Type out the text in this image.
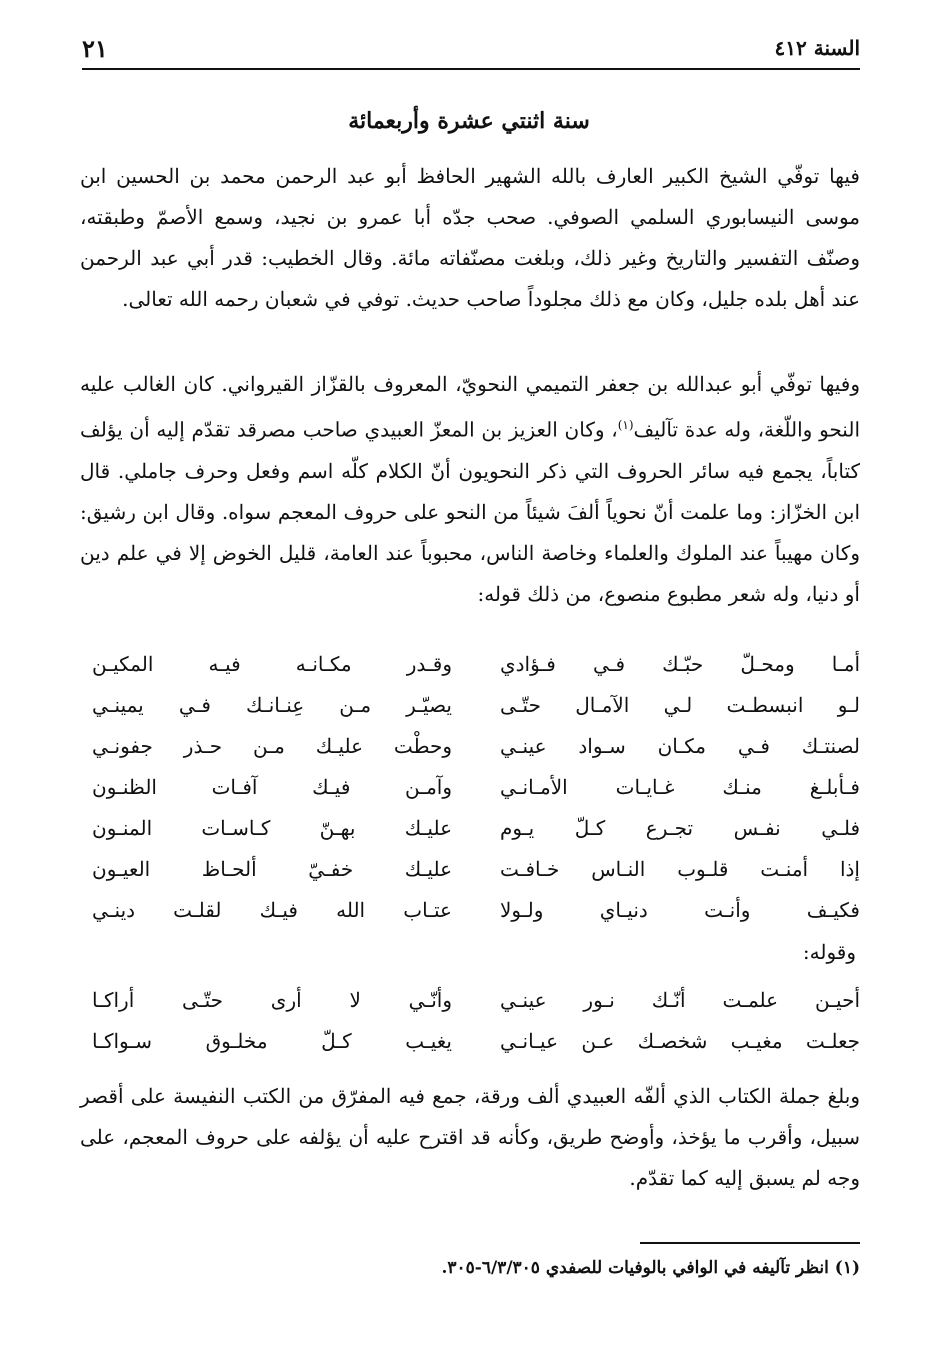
السنة ٤١٢
٢١
سنة اثنتي عشرة وأربعمائة
فيها توفّي الشيخ الكبير العارف بالله الشهير الحافظ أبو عبد الرحمن محمد بن الحسين ابن موسى النيسابوري السلمي الصوفي. صحب جدّه أبا عمرو بن نجيد، وسمع الأصمّ وطبقته، وصنّف التفسير والتاريخ وغير ذلك، وبلغت مصنّفاته مائة. وقال الخطيب: قدر أبي عبد الرحمن عند أهل بلده جليل، وكان مع ذلك مجلوداً صاحب حديث. توفي في شعبان رحمه الله تعالى.
وفيها توفّي أبو عبدالله بن جعفر التميمي النحويّ، المعروف بالقزّاز القيرواني. كان الغالب عليه النحو واللّغة، وله عدة تآليف$^{(١)}$، وكان العزيز بن المعزّ العبيدي صاحب مصرقد تقدّم إليه أن يؤلف كتاباً، يجمع فيه سائر الحروف التي ذكر النحويون أنّ الكلام كلّه اسم وفعل وحرف جاملي. قال ابن الخزّاز: وما علمت أنّ نحوياً ألفَ شيئاً من النحو على حروف المعجم سواه. وقال ابن رشيق: وكان مهيباً عند الملوك والعلماء وخاصة الناس، محبوباً عند العامة، قليل الخوض إلا في علم دين أو دنيا، وله شعر مطبوع منصوع، من ذلك قوله:
أمـا ومحـلّ حبّـك فـي فـؤادي
وقـدر مكـانـه فيـه المكيـن
لـو انبسطـت لـي الآمـال حتّـى
يصيّـر مـن عِنـانـك فـي يمينـي
لصنتـك فـي مكـان سـواد عينـي
وحطْت عليـك مـن حـذر جفونـي
فـأبلـغ منـك غـايـات الأمـانـي
وآمـن فيـك آفـات الظنـون
فلـي نفـس تجـرع كـلّ يـوم
عليـك بهـنّ كـاسـات المنـون
إذا أمنـت قلـوب النـاس خـافـت
عليـك خفـيّ ألحـاظ العيـون
فكيـف وأنـت دنيـاي ولـولا
عتـاب الله فيـك لقلـت دينـي
وقوله:
أحيـن علمـت أنّـك نـور عينـي
وأنّـي لا أرى حتّـى أراكـا
جعلـت مغيـب شخصـك عـن عيـانـي
يغيـب كـلّ مخلـوق سـواكـا
وبلغ جملة الكتاب الذي ألفّه العبيدي ألف ورقة، جمع فيه المفرّق من الكتب النفيسة على أقصر سبيل، وأقرب ما يؤخذ، وأوضح طريق، وكأنه قد اقترح عليه أن يؤلفه على حروف المعجم، على وجه لم يسبق إليه كما تقدّم.
(١) انظر تآليفه في الوافي بالوفيات للصفدي ٦/٣/٣٠٥-٣٠٥.
